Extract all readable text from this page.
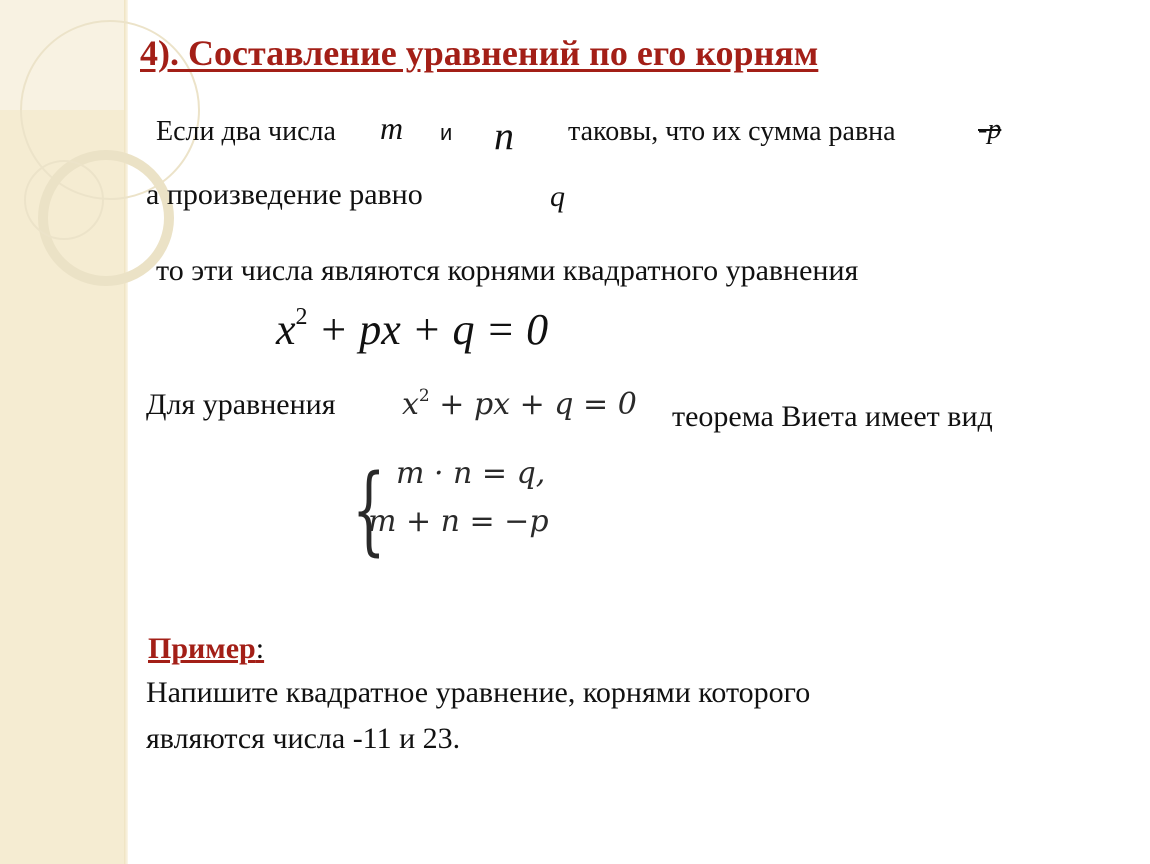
4). Составление уравнений по его корням
Если два числа m и n таковы, что их сумма равна	-p
а произведение равно	q
то эти числа являются корнями квадратного уравнения
$x^2$ + px + q = 0
Для уравнения $x^2$ + px + q = 0 теорема Виета имеет вид
{ m · n = q,
m + n = −p
Пример:
Напишите квадратное уравнение, корнями которого
являются числа -11 и 23.
